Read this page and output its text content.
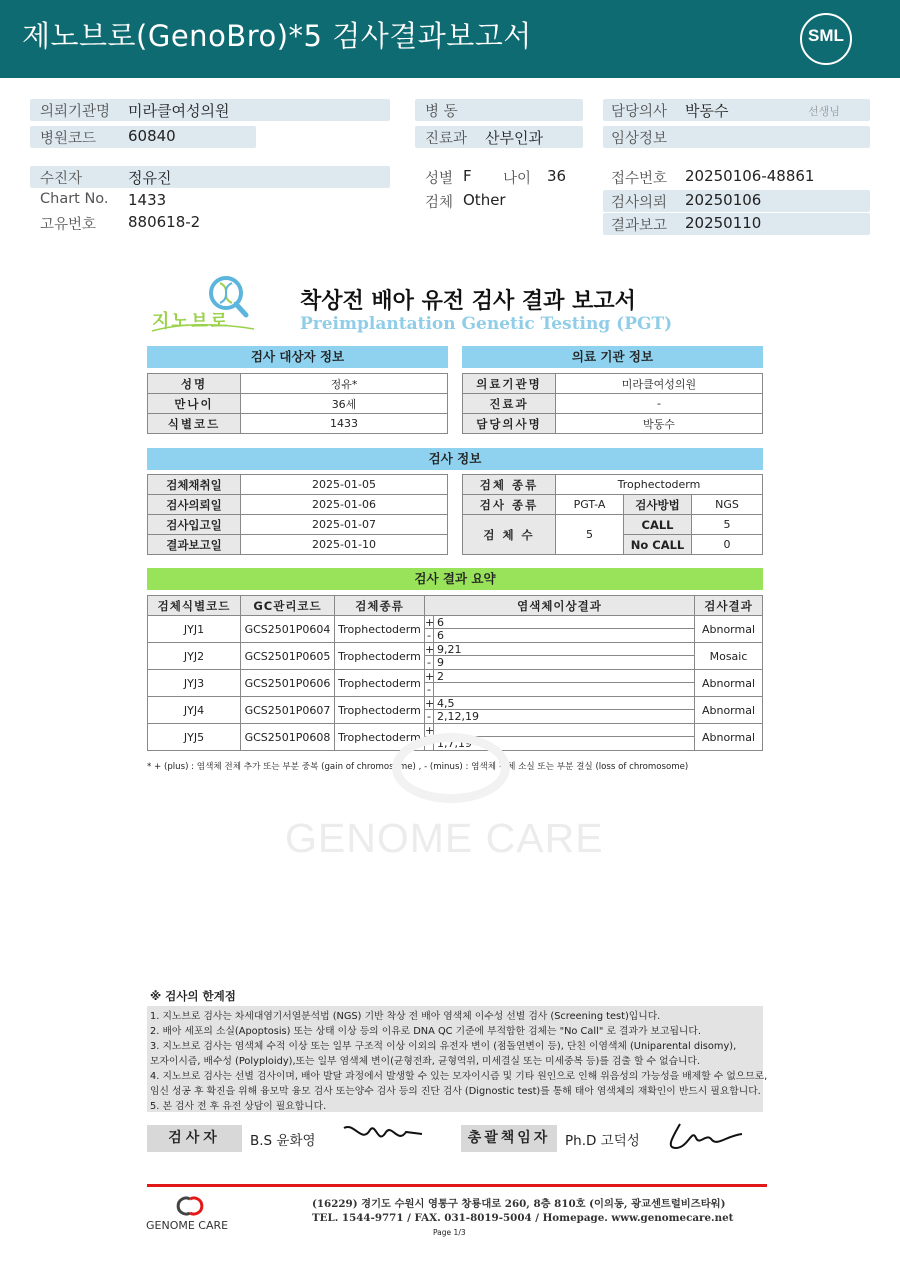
제노브로(GenoBro)*5 검사결과보고서	SML
의뢰기관명 미라클여성의원
병원코드 60840
병 동
진료과 산부인과
담당의사 박동수	선생님
임상정보
수진자	정유진
Chart No. 1433
고유번호 880618-2
성별 F 나이 36
검체 Other
접수번호 20250106-48861
검사의뢰 20250106
결과보고 20250110
지노브로
착상전 배아 유전 검사 결과 보고서
Preimplantation Genetic Testing (PGT)
검사 대상자 정보	의료 기관 정보
성명	정유*
만나이	36세
식별코드	1433
의료기관명	미라클여성의원
진료과	-
담당의사명	박동수
검사 정보
검체채취일	2025-01-05
검사의뢰일	2025-01-06
검사입고일	2025-01-07
결과보고일	2025-01-10
검체 종류	Trophectoderm		
검사 종류	PGT-A	검사방법	NGS
검 체 수	5	CALL	5
		No CALL	0
검사 결과 요약
검체식별코드	GC관리코드	검체종류	염색체이상결과	검사결과
JYJ1	GCS2501P0604	Trophectoderm	+ 6
- 6	Abnormal
JYJ2	GCS2501P0605	Trophectoderm	+ 9,21
- 9	Mosaic
JYJ3	GCS2501P0606	Trophectoderm	+ 2
-	Abnormal
JYJ4	GCS2501P0607	Trophectoderm	+ 4,5
- 2,12,19	Abnormal
JYJ5	GCS2501P0608	Trophectoderm	+
- 1,7,19	Abnormal
* + (plus) : 염색체 전체 추가 또는 부분 중복 (gain of chromosome) , - (minus) : 염색체 전체 소실 또는 부분 결실 (loss of chromosome)
GENOME CARE
※ 검사의 한계점
1. 지노브로 검사는 차세대염기서열분석법 (NGS) 기반 착상 전 배아 염색체 이수성 선별 검사 (Screening test)입니다.
2. 배아 세포의 소실(Apoptosis) 또는 상태 이상 등의 이유로 DNA QC 기준에 부적합한 검체는 "No Call" 로 결과가 보고됩니다.
3. 지노브로 검사는 염색체 수적 이상 또는 일부 구조적 이상 이외의 유전자 변이 (점돌연변이 등), 단친 이염색체 (Uniparental disomy),
모자이시즘, 배수성 (Polyploidy),또는 일부 염색체 변이(균형전좌, 균형역위, 미세결실 또는 미세중복 등)를 검출 할 수 없습니다.
4. 지노브로 검사는 선별 검사이며, 배아 발달 과정에서 발생할 수 있는 모자이시즘 및 기타 원인으로 인해 위음성의 가능성을 배제할 수 없으므로,
임신 성공 후 확진을 위해 융모막 융모 검사 또는양수 검사 등의 진단 검사 (Dignostic test)를 통해 태아 염색체의 재확인이 반드시 필요합니다.
5. 본 검사 전 후 유전 상담이 필요합니다.
검사자	B.S 윤화영	총괄책임자	Ph.D 고덕성
GENOME CARE
(16229) 경기도 수원시 영통구 창룡대로 260, 8층 810호 (이의동, 광교센트럴비즈타워)
TEL. 1544-9771 / FAX. 031-8019-5004 / Homepage. www.genomecare.net
Page 1/3
